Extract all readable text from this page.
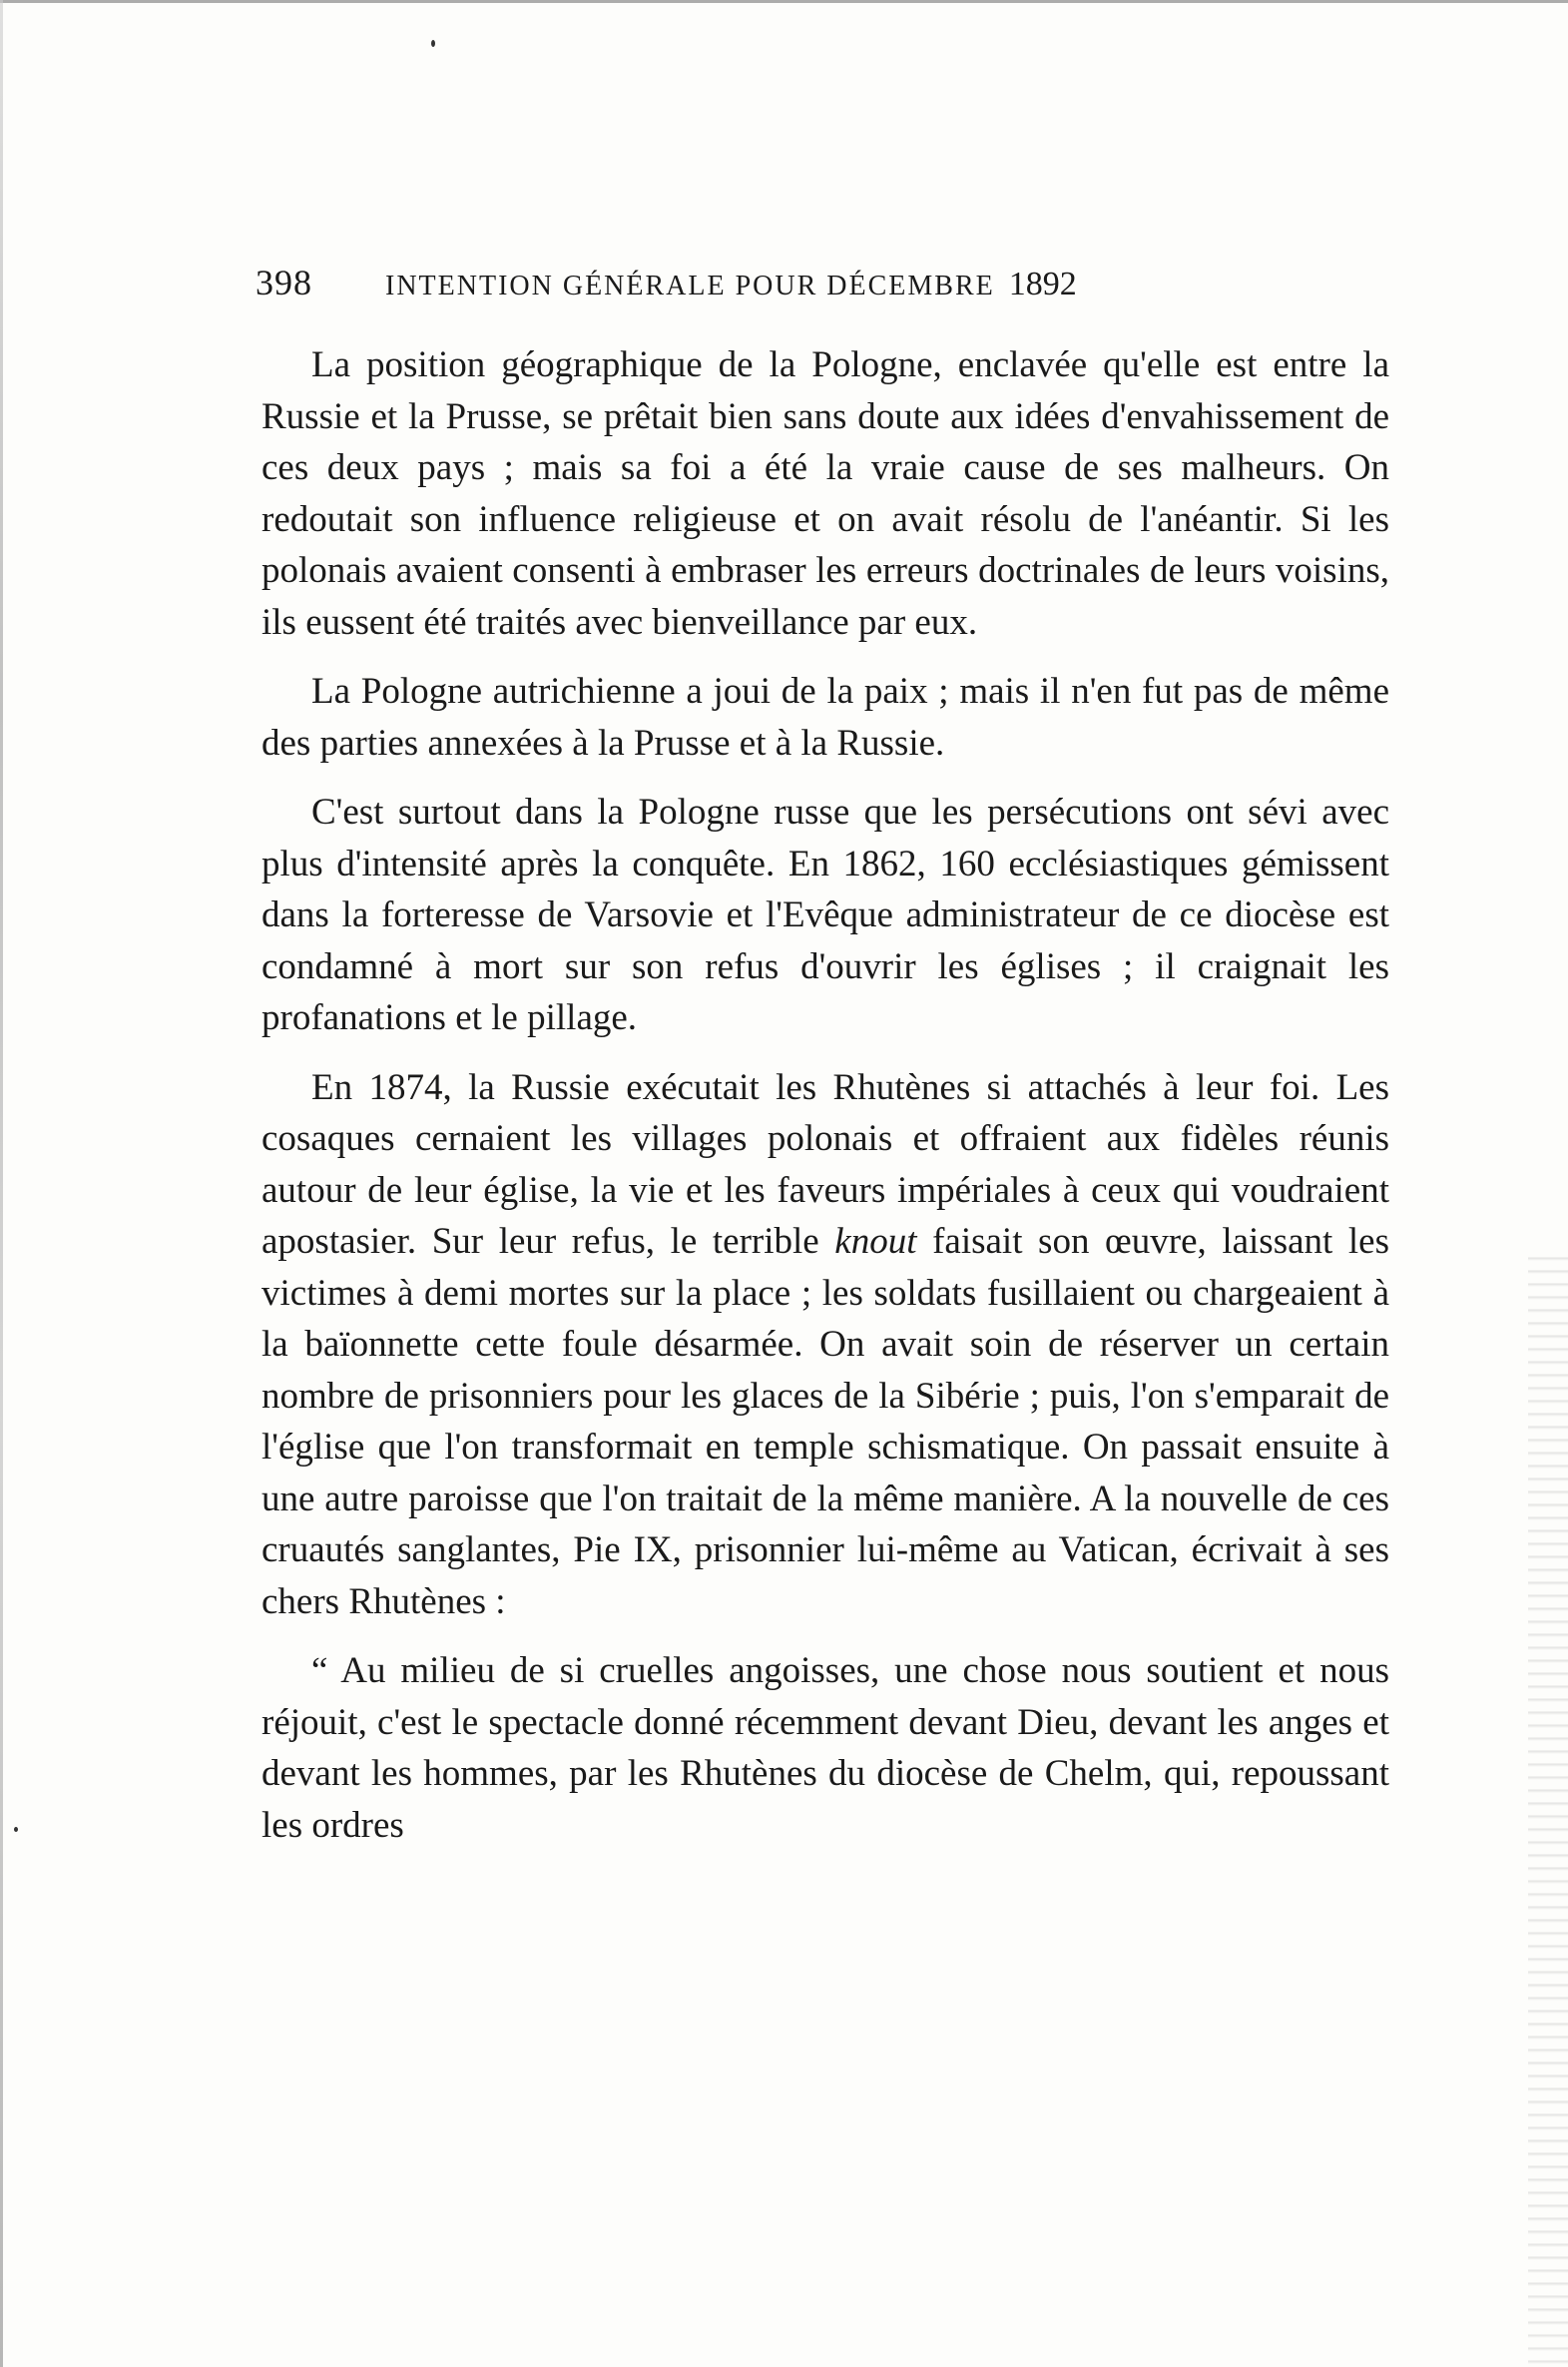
398	INTENTION GÉNÉRALE POUR DÉCEMBRE 1892

La position géographique de la Pologne, enclavée qu'elle est entre la Russie et la Prusse, se prêtait bien sans doute aux idées d'envahissement de ces deux pays ; mais sa foi a été la vraie cause de ses malheurs. On redoutait son influence religieuse et on avait résolu de l'anéantir. Si les polonais avaient consenti à embraser les erreurs doctrinales de leurs voisins, ils eussent été traités avec bienveillance par eux.

La Pologne autrichienne a joui de la paix ; mais il n'en fut pas de même des parties annexées à la Prusse et à la Russie.

C'est surtout dans la Pologne russe que les persécutions ont sévi avec plus d'intensité après la conquête. En 1862, 160 ecclésiastiques gémissent dans la forteresse de Varsovie et l'Evêque administrateur de ce diocèse est condamné à mort sur son refus d'ouvrir les églises ; il craignait les profanations et le pillage.

En 1874, la Russie exécutait les Rhutènes si attachés à leur foi. Les cosaques cernaient les villages polonais et offraient aux fidèles réunis autour de leur église, la vie et les faveurs impériales à ceux qui voudraient apostasier. Sur leur refus, le terrible knout faisait son œuvre, laissant les victimes à demi mortes sur la place ; les soldats fusillaient ou chargeaient à la baïonnette cette foule désarmée. On avait soin de réserver un certain nombre de prisonniers pour les glaces de la Sibérie ; puis, l'on s'emparait de l'église que l'on transformait en temple schismatique. On passait ensuite à une autre paroisse que l'on traitait de la même manière. A la nouvelle de ces cruautés sanglantes, Pie IX, prisonnier lui-même au Vatican, écrivait à ses chers Rhutènes :

“ Au milieu de si cruelles angoisses, une chose nous soutient et nous réjouit, c'est le spectacle donné récemment devant Dieu, devant les anges et devant les hommes, par les Rhutènes du diocèse de Chelm, qui, repoussant les ordres
